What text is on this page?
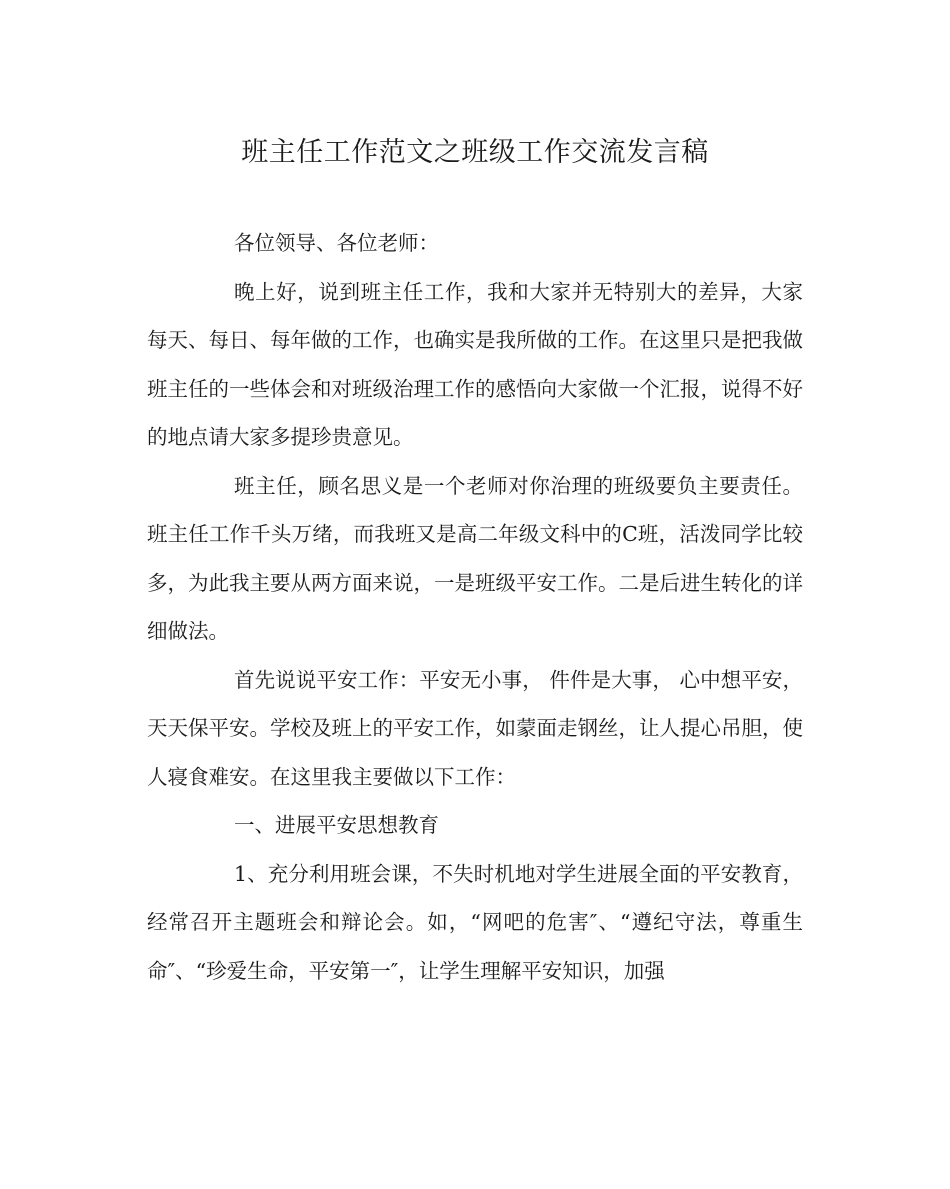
班主任工作范文之班级工作交流发言稿

各位领导、各位老师：

晚上好，说到班主任工作，我和大家并无特别大的差异，大家每天、每日、每年做的工作，也确实是我所做的工作。在这里只是把我做班主任的一些体会和对班级治理工作的感悟向大家做一个汇报，说得不好的地点请大家多提珍贵意见。

班主任，顾名思义是一个老师对你治理的班级要负主要责任。班主任工作千头万绪，而我班又是高二年级文科中的C班，活泼同学比较多，为此我主要从两方面来说，一是班级平安工作。二是后进生转化的详细做法。

首先说说平安工作：平安无小事， 件件是大事， 心中想平安， 天天保平安。学校及班上的平安工作，如蒙面走钢丝，让人提心吊胆，使人寝食难安。在这里我主要做以下工作：

一、进展平安思想教育

1、充分利用班会课，不失时机地对学生进展全面的平安教育，经常召开主题班会和辩论会。如，“网吧的危害″、“遵纪守法，尊重生命″、“珍爱生命，平安第一″，让学生理解平安知识，加强
